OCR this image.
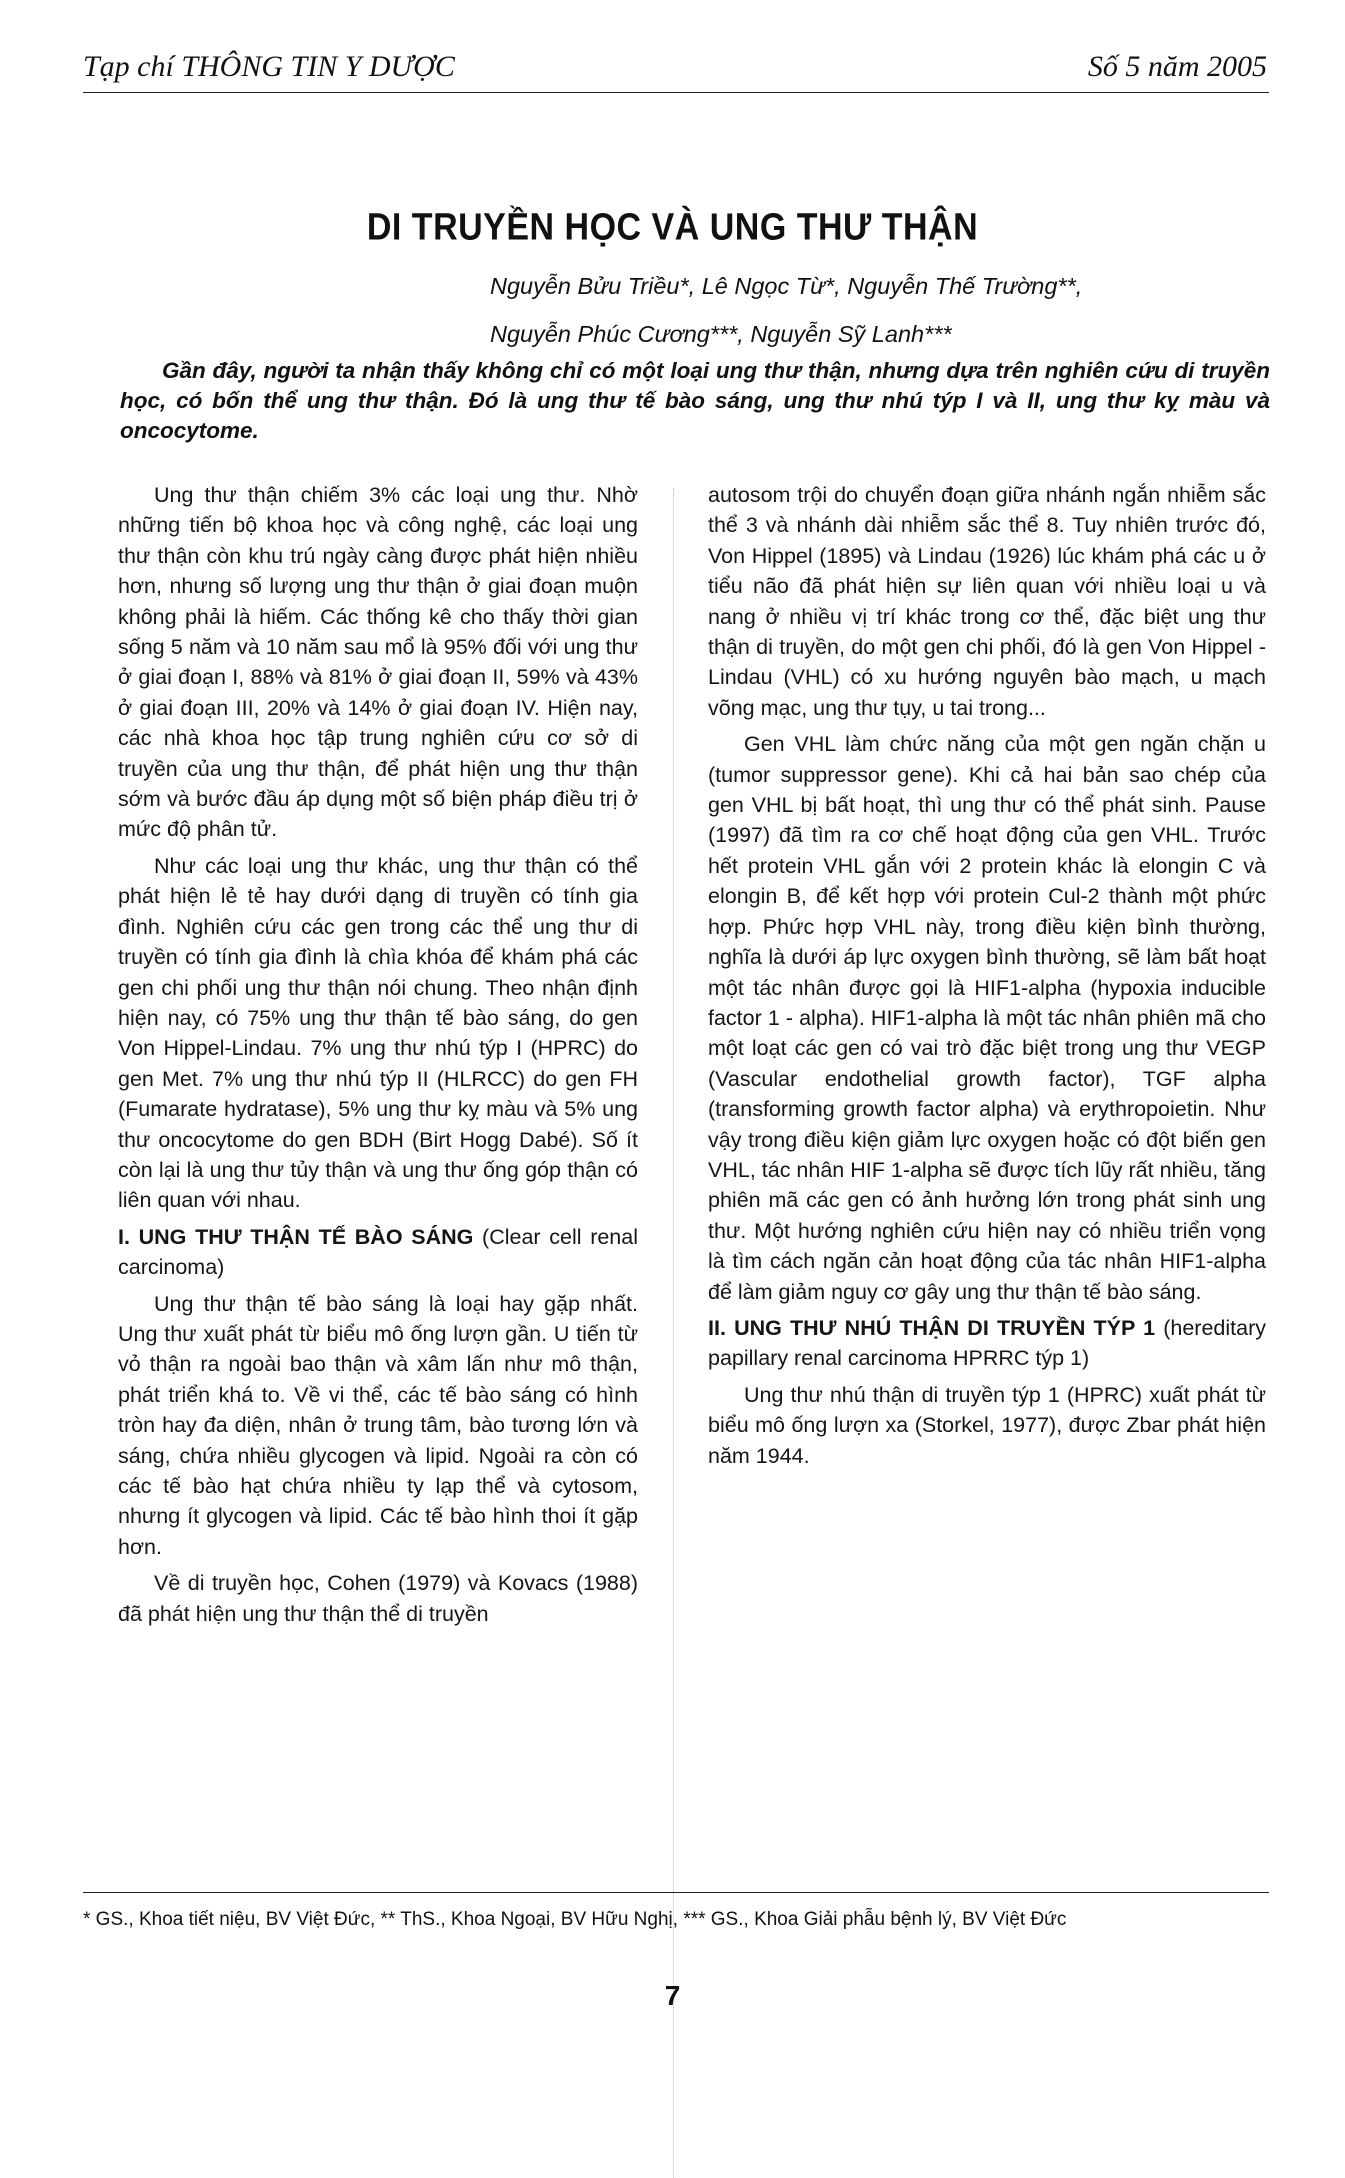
Tạp chí THÔNG TIN Y DƯỢC	Số 5 năm 2005
DI TRUYỀN HỌC VÀ UNG THƯ THẬN

Nguyễn Bửu Triều*, Lê Ngọc Từ*, Nguyễn Thế Trường**,

Nguyễn Phúc Cương***, Nguyễn Sỹ Lanh***

Gần đây, người ta nhận thấy không chỉ có một loại ung thư thận, nhưng dựa trên nghiên cứu di truyền học, có bốn thể ung thư thận. Đó là ung thư tế bào sáng, ung thư nhú týp I và II, ung thư kỵ màu và oncocytome.

Ung thư thận chiếm 3% các loại ung thư. Nhờ những tiến bộ khoa học và công nghệ, các loại ung thư thận còn khu trú ngày càng được phát hiện nhiều hơn, nhưng số lượng ung thư thận ở giai đoạn muộn không phải là hiếm. Các thống kê cho thấy thời gian sống 5 năm và 10 năm sau mổ là 95% đối với ung thư ở giai đoạn I, 88% và 81% ở giai đoạn II, 59% và 43% ở giai đoạn III, 20% và 14% ở giai đoạn IV. Hiện nay, các nhà khoa học tập trung nghiên cứu cơ sở di truyền của ung thư thận, để phát hiện ung thư thận sớm và bước đầu áp dụng một số biện pháp điều trị ở mức độ phân tử.

Như các loại ung thư khác, ung thư thận có thể phát hiện lẻ tẻ hay dưới dạng di truyền có tính gia đình. Nghiên cứu các gen trong các thể ung thư di truyền có tính gia đình là chìa khóa để khám phá các gen chi phối ung thư thận nói chung. Theo nhận định hiện nay, có 75% ung thư thận tế bào sáng, do gen Von Hippel-Lindau. 7% ung thư nhú týp I (HPRC) do gen Met. 7% ung thư nhú týp II (HLRCC) do gen FH (Fumarate hydratase), 5% ung thư kỵ màu và 5% ung thư oncocytome do gen BDH (Birt Hogg Dabé). Số ít còn lại là ung thư tủy thận và ung thư ống góp thận có liên quan với nhau.

I. UNG THƯ THẬN TẾ BÀO SÁNG (Clear cell renal carcinoma)

Ung thư thận tế bào sáng là loại hay gặp nhất. Ung thư xuất phát từ biểu mô ống lượn gần. U tiến từ vỏ thận ra ngoài bao thận và xâm lấn như mô thận, phát triển khá to. Về vi thể, các tế bào sáng có hình tròn hay đa diện, nhân ở trung tâm, bào tương lớn và sáng, chứa nhiều glycogen và lipid. Ngoài ra còn có các tế bào hạt chứa nhiều ty lạp thể và cytosom, nhưng ít glycogen và lipid. Các tế bào hình thoi ít gặp hơn.

Về di truyền học, Cohen (1979) và Kovacs (1988) đã phát hiện ung thư thận thể di truyền

autosom trội do chuyển đoạn giữa nhánh ngắn nhiễm sắc thể 3 và nhánh dài nhiễm sắc thể 8. Tuy nhiên trước đó, Von Hippel (1895) và Lindau (1926) lúc khám phá các u ở tiểu não đã phát hiện sự liên quan với nhiều loại u và nang ở nhiều vị trí khác trong cơ thể, đặc biệt ung thư thận di truyền, do một gen chi phối, đó là gen Von Hippel - Lindau (VHL) có xu hướng nguyên bào mạch, u mạch võng mạc, ung thư tụy, u tai trong...

Gen VHL làm chức năng của một gen ngăn chặn u (tumor suppressor gene). Khi cả hai bản sao chép của gen VHL bị bất hoạt, thì ung thư có thể phát sinh. Pause (1997) đã tìm ra cơ chế hoạt động của gen VHL. Trước hết protein VHL gắn với 2 protein khác là elongin C và elongin B, để kết hợp với protein Cul-2 thành một phức hợp. Phức hợp VHL này, trong điều kiện bình thường, nghĩa là dưới áp lực oxygen bình thường, sẽ làm bất hoạt một tác nhân được gọi là HIF1-alpha (hypoxia inducible factor 1 - alpha). HIF1-alpha là một tác nhân phiên mã cho một loạt các gen có vai trò đặc biệt trong ung thư VEGP (Vascular endothelial growth factor), TGF alpha (transforming growth factor alpha) và erythropoietin. Như vậy trong điều kiện giảm lực oxygen hoặc có đột biến gen VHL, tác nhân HIF 1-alpha sẽ được tích lũy rất nhiều, tăng phiên mã các gen có ảnh hưởng lớn trong phát sinh ung thư. Một hướng nghiên cứu hiện nay có nhiều triển vọng là tìm cách ngăn cản hoạt động của tác nhân HIF1-alpha để làm giảm nguy cơ gây ung thư thận tế bào sáng.

II. UNG THƯ NHÚ THẬN DI TRUYỀN TÝP 1 (hereditary papillary renal carcinoma HPRRC týp 1)

Ung thư nhú thận di truyền týp 1 (HPRC) xuất phát từ biểu mô ống lượn xa (Storkel, 1977), được Zbar phát hiện năm 1944.

* GS., Khoa tiết niệu, BV Việt Đức, ** ThS., Khoa Ngoại, BV Hữu Nghị, *** GS., Khoa Giải phẫu bệnh lý, BV Việt Đức
7
